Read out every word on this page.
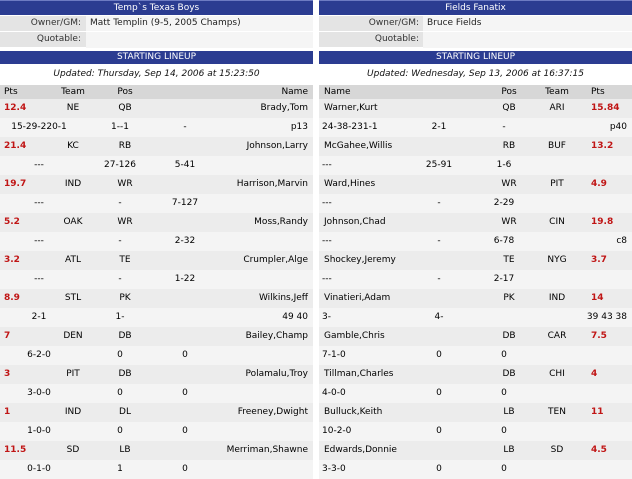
Temp`s Texas Boys
Owner/GM:	Matt Templin (9-5, 2005 Champs)
Quotable:
STARTING LINEUP
Updated: Thursday, Sep 14, 2006 at 15:23:50
Pts	Team	Pos	Name
12.4	NE	QB	Brady,Tom
15-29-220-1	1--1	-	p13
21.4	KC	RB	Johnson,Larry
---	27-126	5-41
19.7	IND	WR	Harrison,Marvin
---	-	7-127
5.2	OAK	WR	Moss,Randy
---	-	2-32
3.2	ATL	TE	Crumpler,Alge
---	-	1-22
8.9	STL	PK	Wilkins,Jeff
2-1	1-	49 40
7	DEN	DB	Bailey,Champ
6-2-0	0	0
3	PIT	DB	Polamalu,Troy
3-0-0	0	0
1	IND	DL	Freeney,Dwight
1-0-0	0	0
11.5	SD	LB	Merriman,Shawne
0-1-0	1	0
Fields Fanatix
Owner/GM: Bruce Fields
Quotable:
STARTING LINEUP
Updated: Wednesday, Sep 13, 2006 at 16:37:15
Name	Pos	Team	Pts
Warner,Kurt	QB	ARI	15.84
24-38-231-1	2-1	-	p40
McGahee,Willis	RB	BUF	13.2
---	25-91	1-6
Ward,Hines	WR	PIT	4.9
---	-	2-29
Johnson,Chad	WR	CIN	19.8
---	-	6-78	c8
Shockey,Jeremy	TE	NYG	3.7
---	-	2-17
Vinatieri,Adam	PK	IND	14
3-	4-	39 43 38
Gamble,Chris	DB	CAR	7.5
7-1-0	0	0
Tillman,Charles	DB	CHI	4
4-0-0	0	0
Bulluck,Keith	LB	TEN	11
10-2-0	0	0
Edwards,Donnie	LB	SD	4.5
3-3-0	0	0
